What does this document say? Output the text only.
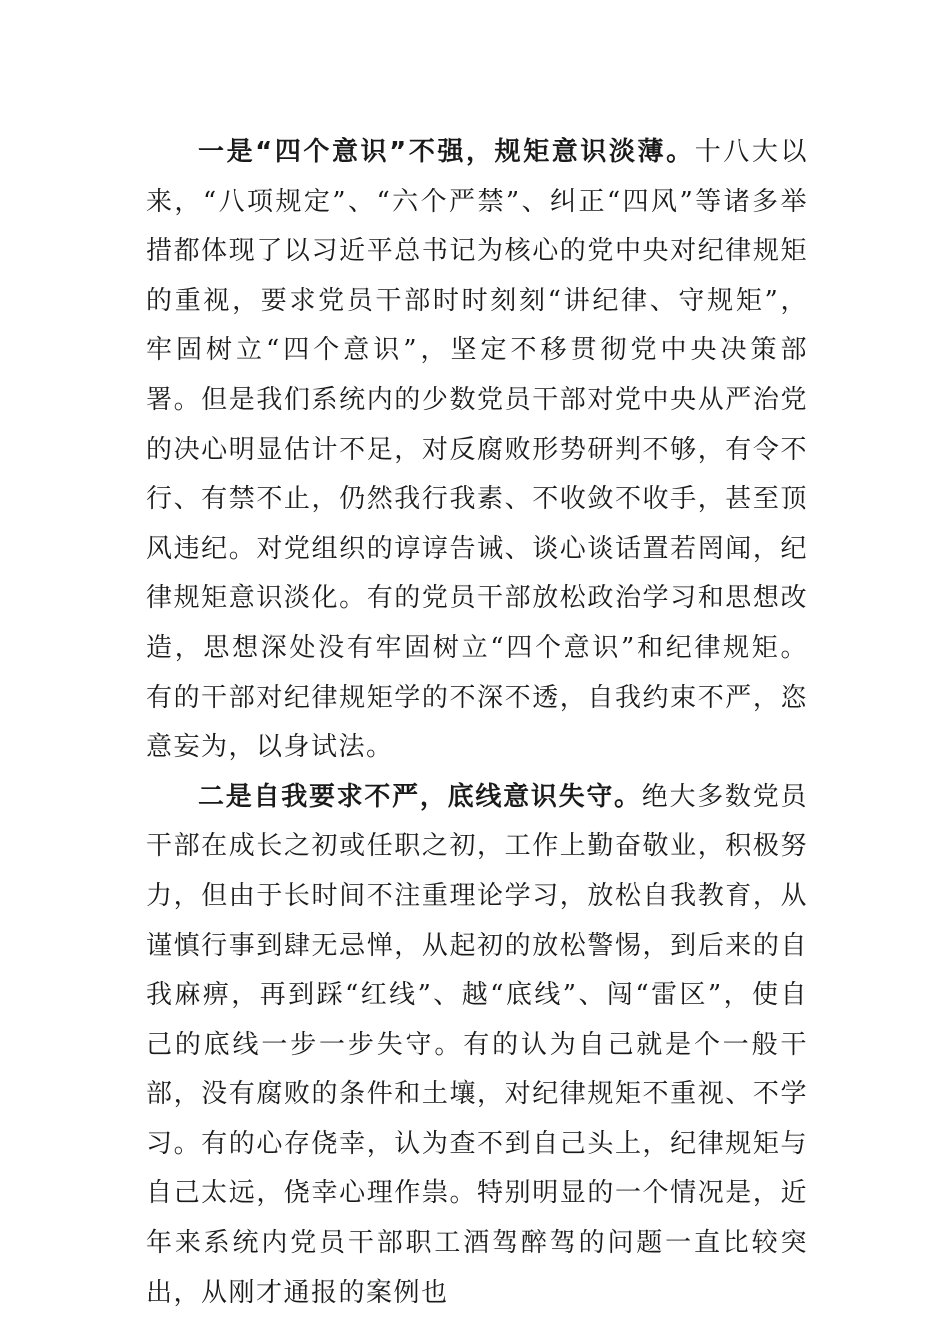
一是“四个意识”不强，规矩意识淡薄。十八大以来，“八项规定”、“六个严禁”、纠正“四风”等诸多举措都体现了以习近平总书记为核心的党中央对纪律规矩的重视，要求党员干部时时刻刻“讲纪律、守规矩”，牢固树立“四个意识”，坚定不移贯彻党中央决策部署。但是我们系统内的少数党员干部对党中央从严治党的决心明显估计不足，对反腐败形势研判不够，有令不行、有禁不止，仍然我行我素、不收敛不收手，甚至顶风违纪。对党组织的谆谆告诫、谈心谈话置若罔闻，纪律规矩意识淡化。有的党员干部放松政治学习和思想改造，思想深处没有牢固树立“四个意识”和纪律规矩。有的干部对纪律规矩学的不深不透，自我约束不严，恣意妄为，以身试法。

二是自我要求不严，底线意识失守。绝大多数党员干部在成长之初或任职之初，工作上勤奋敬业，积极努力，但由于长时间不注重理论学习，放松自我教育，从谨慎行事到肆无忌惮，从起初的放松警惕，到后来的自我麻痹，再到踩“红线”、越“底线”、闯“雷区”，使自己的底线一步一步失守。有的认为自己就是个一般干部，没有腐败的条件和土壤，对纪律规矩不重视、不学习。有的心存侥幸，认为查不到自己头上，纪律规矩与自己太远，侥幸心理作祟。特别明显的一个情况是，近年来系统内党员干部职工酒驾醉驾的问题一直比较突出，从刚才通报的案例也
